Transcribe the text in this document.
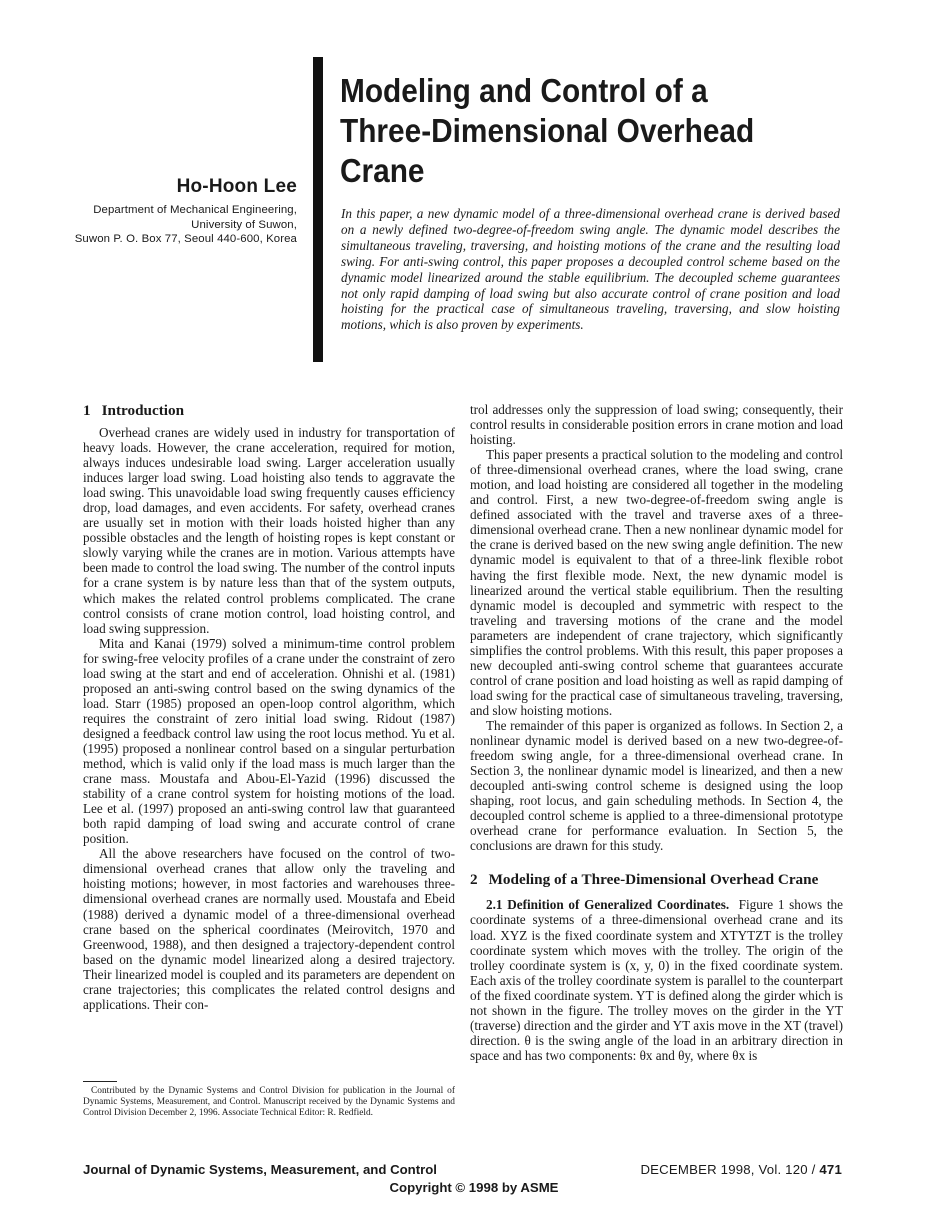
Ho-Hoon Lee
Department of Mechanical Engineering,
University of Suwon,
Suwon P. O. Box 77, Seoul 440-600, Korea
Modeling and Control of a
Three-Dimensional Overhead
Crane
In this paper, a new dynamic model of a three-dimensional overhead crane is derived based on a newly defined two-degree-of-freedom swing angle. The dynamic model describes the simultaneous traveling, traversing, and hoisting motions of the crane and the resulting load swing. For anti-swing control, this paper proposes a decoupled control scheme based on the dynamic model linearized around the stable equilibrium. The decoupled scheme guarantees not only rapid damping of load swing but also accurate control of crane position and load hoisting for the practical case of simultaneous traveling, traversing, and slow hoisting motions, which is also proven by experiments.
1 Introduction

Overhead cranes are widely used in industry for transportation of heavy loads. However, the crane acceleration, required for motion, always induces undesirable load swing. Larger acceleration usually induces larger load swing. Load hoisting also tends to aggravate the load swing. This unavoidable load swing frequently causes efficiency drop, load damages, and even accidents. For safety, overhead cranes are usually set in motion with their loads hoisted higher than any possible obstacles and the length of hoisting ropes is kept constant or slowly varying while the cranes are in motion. Various attempts have been made to control the load swing. The number of the control inputs for a crane system is by nature less than that of the system outputs, which makes the related control problems complicated. The crane control consists of crane motion control, load hoisting control, and load swing suppression.

Mita and Kanai (1979) solved a minimum-time control problem for swing-free velocity profiles of a crane under the constraint of zero load swing at the start and end of acceleration. Ohnishi et al. (1981) proposed an anti-swing control based on the swing dynamics of the load. Starr (1985) proposed an open-loop control algorithm, which requires the constraint of zero initial load swing. Ridout (1987) designed a feedback control law using the root locus method. Yu et al. (1995) proposed a nonlinear control based on a singular perturbation method, which is valid only if the load mass is much larger than the crane mass. Moustafa and Abou-El-Yazid (1996) discussed the stability of a crane control system for hoisting motions of the load. Lee et al. (1997) proposed an anti-swing control law that guaranteed both rapid damping of load swing and accurate control of crane position.

All the above researchers have focused on the control of two-dimensional overhead cranes that allow only the traveling and hoisting motions; however, in most factories and warehouses three-dimensional overhead cranes are normally used. Moustafa and Ebeid (1988) derived a dynamic model of a three-dimensional overhead crane based on the spherical coordinates (Meirovitch, 1970 and Greenwood, 1988), and then designed a trajectory-dependent control based on the dynamic model linearized along a desired trajectory. Their linearized model is coupled and its parameters are dependent on crane trajectories; this complicates the related control designs and applications. Their con-

trol addresses only the suppression of load swing; consequently, their control results in considerable position errors in crane motion and load hoisting.

This paper presents a practical solution to the modeling and control of three-dimensional overhead cranes, where the load swing, crane motion, and load hoisting are considered all together in the modeling and control. First, a new two-degree-of-freedom swing angle is defined associated with the travel and traverse axes of a three-dimensional overhead crane. Then a new nonlinear dynamic model for the crane is derived based on the new swing angle definition. The new dynamic model is equivalent to that of a three-link flexible robot having the first flexible mode. Next, the new dynamic model is linearized around the vertical stable equilibrium. Then the resulting dynamic model is decoupled and symmetric with respect to the traveling and traversing motions of the crane and the model parameters are independent of crane trajectory, which significantly simplifies the control problems. With this result, this paper proposes a new decoupled anti-swing control scheme that guarantees accurate control of crane position and load hoisting as well as rapid damping of load swing for the practical case of simultaneous traveling, traversing, and slow hoisting motions.

The remainder of this paper is organized as follows. In Section 2, a nonlinear dynamic model is derived based on a new two-degree-of-freedom swing angle, for a three-dimensional overhead crane. In Section 3, the nonlinear dynamic model is linearized, and then a new decoupled anti-swing control scheme is designed using the loop shaping, root locus, and gain scheduling methods. In Section 4, the decoupled control scheme is applied to a three-dimensional prototype overhead crane for performance evaluation. In Section 5, the conclusions are drawn for this study.

2 Modeling of a Three-Dimensional Overhead Crane

2.1 Definition of Generalized Coordinates. Figure 1 shows the coordinate systems of a three-dimensional overhead crane and its load. XYZ is the fixed coordinate system and XTYTZT is the trolley coordinate system which moves with the trolley. The origin of the trolley coordinate system is (x, y, 0) in the fixed coordinate system. Each axis of the trolley coordinate system is parallel to the counterpart of the fixed coordinate system. YT is defined along the girder which is not shown in the figure. The trolley moves on the girder in the YT (traverse) direction and the girder and YT axis move in the XT (travel) direction. θ is the swing angle of the load in an arbitrary direction in space and has two components: θx and θy, where θx is

Contributed by the Dynamic Systems and Control Division for publication in the Journal of Dynamic Systems, Measurement, and Control. Manuscript received by the Dynamic Systems and Control Division December 2, 1996. Associate Technical Editor: R. Redfield.

Journal of Dynamic Systems, Measurement, and Control	DECEMBER 1998, Vol. 120 / 471
Copyright © 1998 by ASME
